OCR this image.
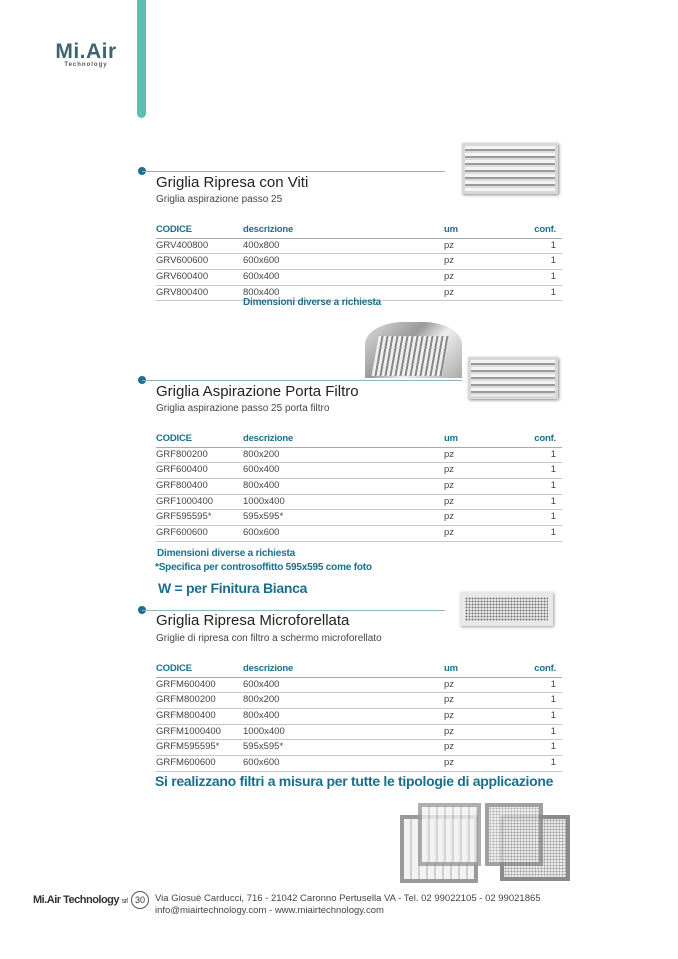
Mi.Air
Technology
Griglia Ripresa con Viti
Griglia aspirazione passo 25
CODICE	descrizione	um	conf.
GRV400800	400x800	pz	1
GRV600600	600x600	pz	1
GRV600400	600x400	pz	1
GRV800400	800x400	pz	1
Dimensioni diverse a richiesta
Griglia Aspirazione Porta Filtro
Griglia aspirazione passo 25 porta filtro
CODICE	descrizione	um	conf.
GRF800200	800x200	pz	1
GRF600400	600x400	pz	1
GRF800400	800x400	pz	1
GRF1000400	1000x400	pz	1
GRF595595*	595x595*	pz	1
GRF600600	600x600	pz	1
Dimensioni diverse a richiesta
*Specifica per controsoffitto 595x595 come foto
W = per Finitura Bianca
Griglia Ripresa Microforellata
Griglie di ripresa con filtro a schermo microforellato
CODICE	descrizione	um	conf.
GRFM600400	600x400	pz	1
GRFM800200	800x200	pz	1
GRFM800400	800x400	pz	1
GRFM1000400 1000x400	pz	1
GRFM595595* 595x595*	pz	1
GRFM600600	600x600	pz	1
Si realizzano filtri a misura per tutte le tipologie di applicazione
Mi.Air Technology srl 30	Via Giosuè Carducci, 716 - 21042 Caronno Pertusella VA - Tel. 02 99022105 - 02 99021865
info@miairtechnology.com - www.miairtechnology.com
